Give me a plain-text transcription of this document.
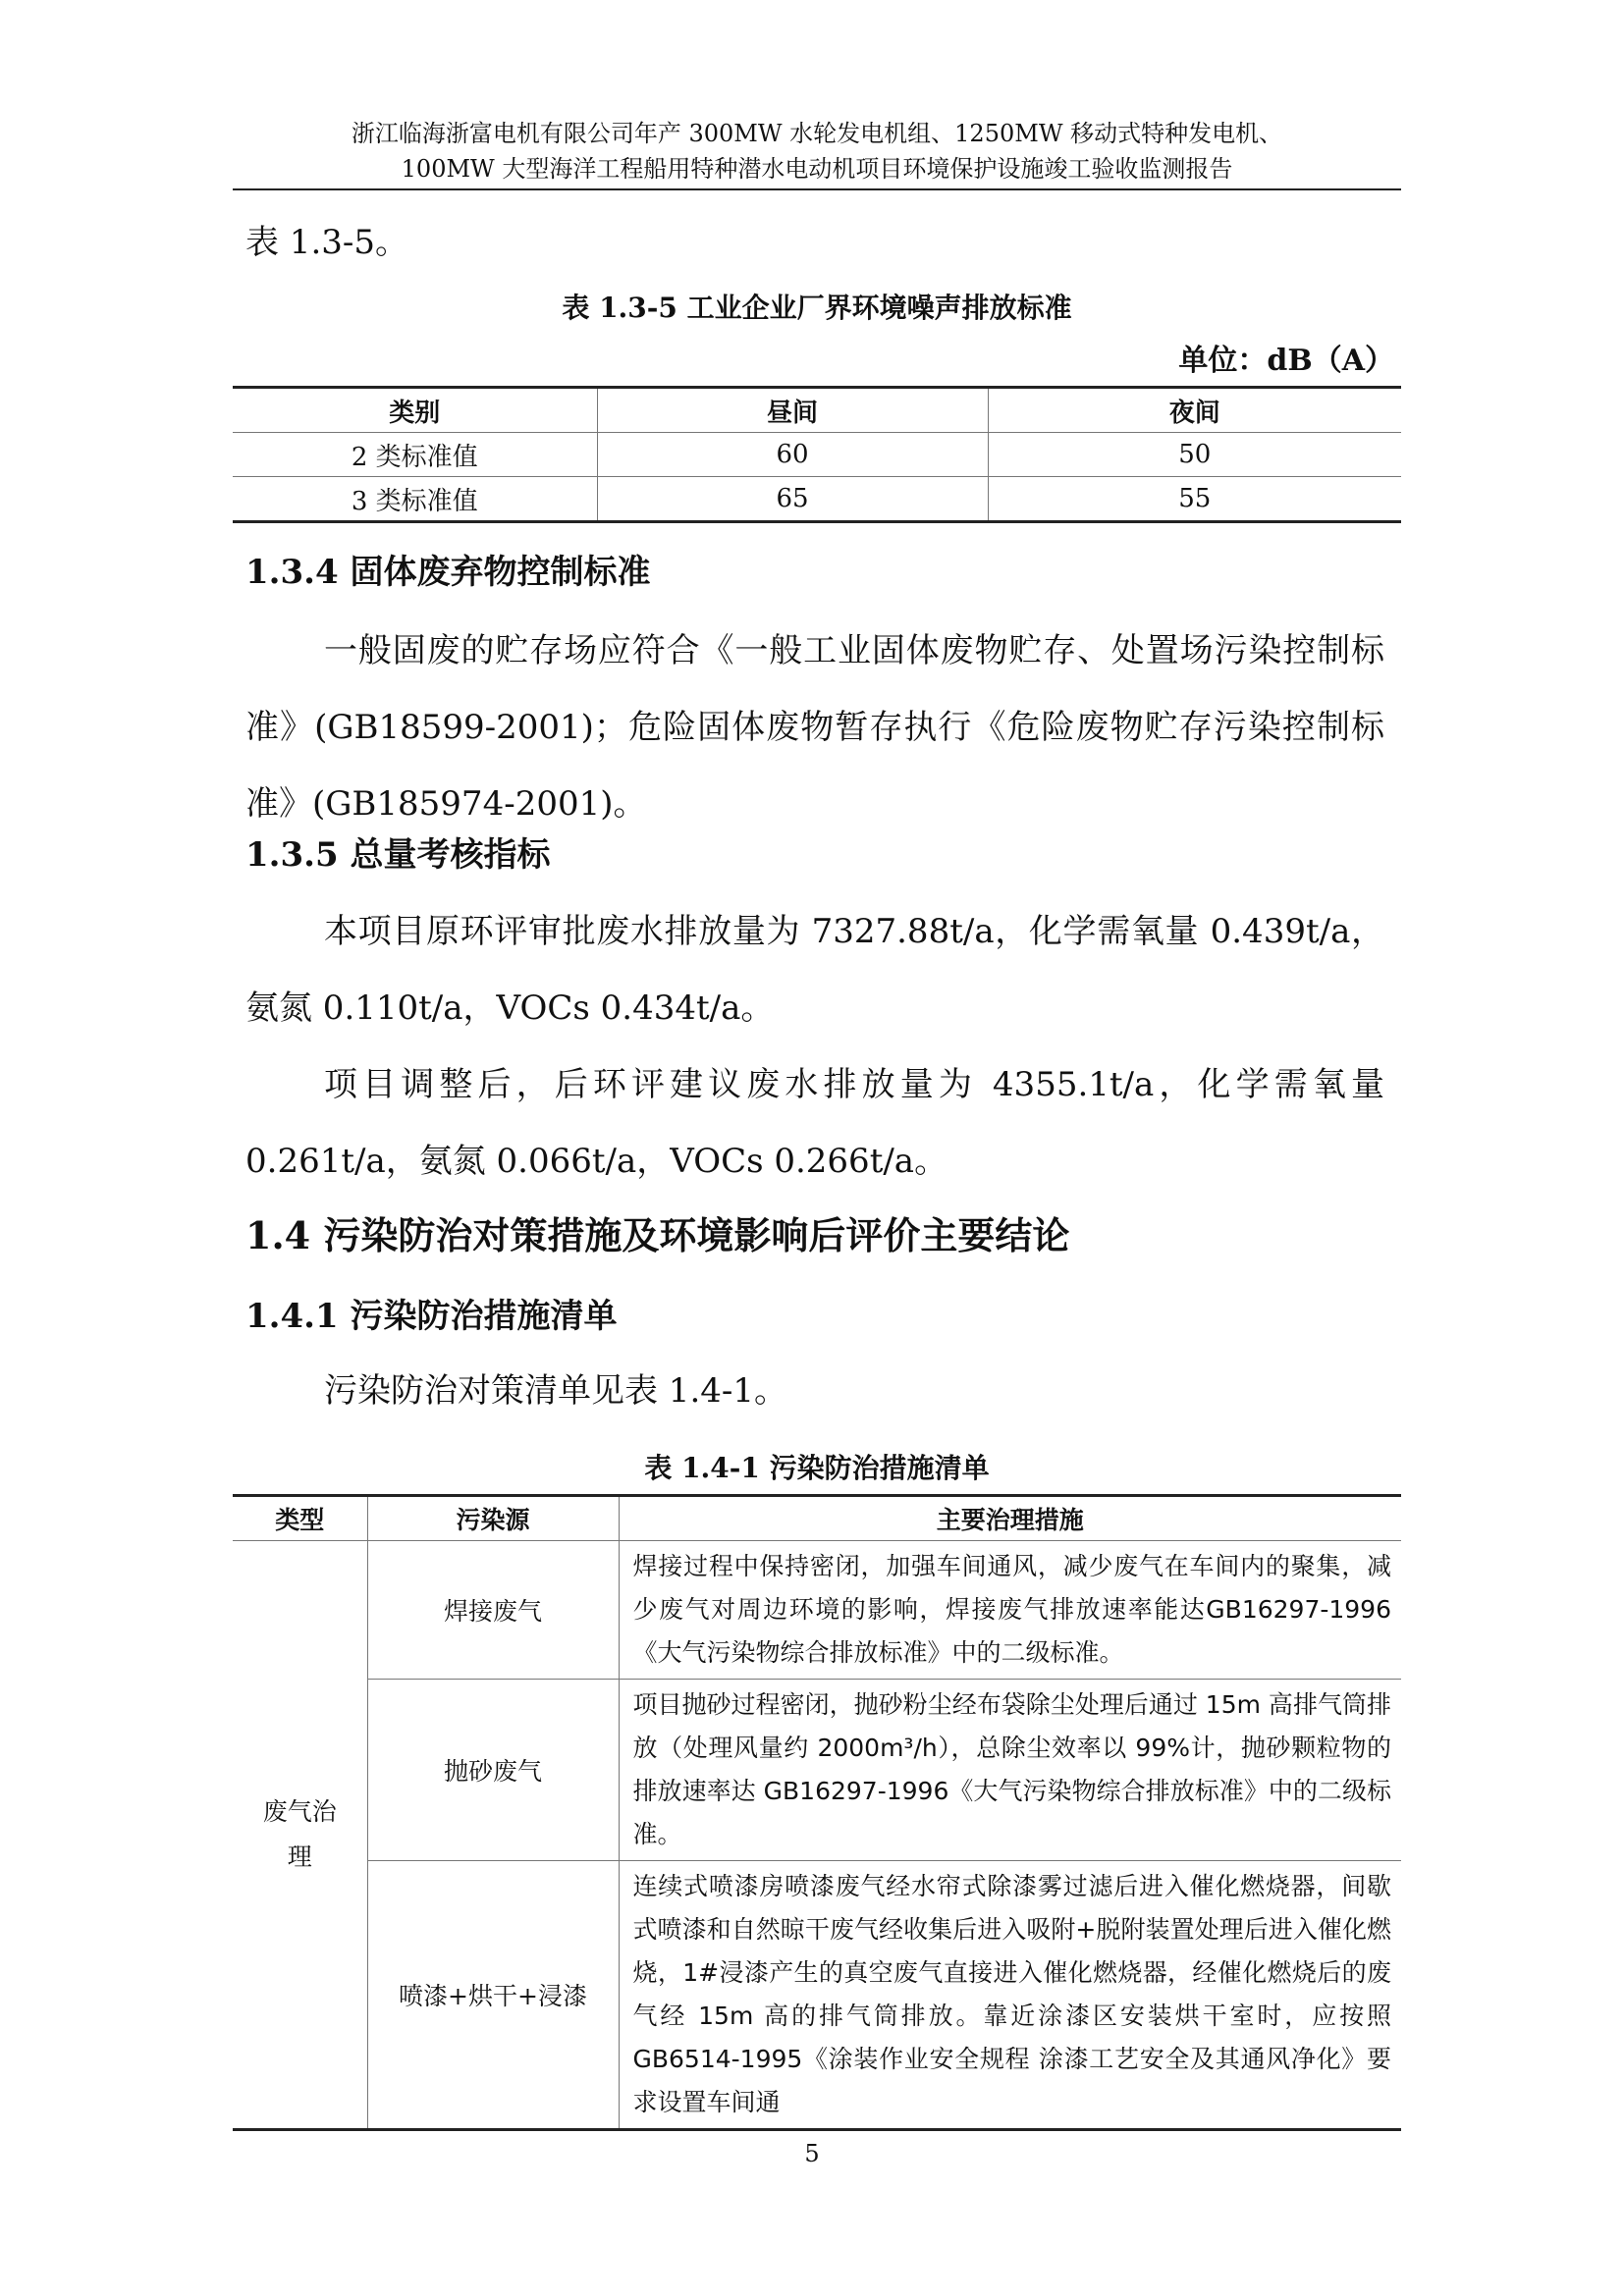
浙江临海浙富电机有限公司年产 300MW 水轮发电机组、1250MW 移动式特种发电机、
100MW 大型海洋工程船用特种潜水电动机项目环境保护设施竣工验收监测报告
表 1.3-5。
表 1.3-5 工业企业厂界环境噪声排放标准
单位：dB（A）
类别	昼间	夜间
2 类标准值	60	50
3 类标准值	65	55
1.3.4 固体废弃物控制标准
一般固废的贮存场应符合《一般工业固体废物贮存、处置场污染控制标准》(GB18599-2001)；危险固体废物暂存执行《危险废物贮存污染控制标准》(GB185974-2001)。
1.3.5 总量考核指标
本项目原环评审批废水排放量为 7327.88t/a，化学需氧量 0.439t/a，氨氮 0.110t/a，VOCs 0.434t/a。
项目调整后，后环评建议废水排放量为 4355.1t/a，化学需氧量 0.261t/a，氨氮 0.066t/a，VOCs 0.266t/a。
1.4 污染防治对策措施及环境影响后评价主要结论
1.4.1 污染防治措施清单
污染防治对策清单见表 1.4-1。
表 1.4-1 污染防治措施清单
类型	污染源	主要治理措施

废气治理	焊接废气	焊接过程中保持密闭，加强车间通风，减少废气在车间内的聚集，减少废气对周边环境的影响，焊接废气排放速率能达GB16297-1996《大气污染物综合排放标准》中的二级标准。
	抛砂废气	项目抛砂过程密闭，抛砂粉尘经布袋除尘处理后通过 15m 高排气筒排放（处理风量约 2000m³/h），总除尘效率以 99%计，抛砂颗粒物的排放速率达 GB16297-1996《大气污染物综合排放标准》中的二级标准。
	喷漆+烘干+浸漆	连续式喷漆房喷漆废气经水帘式除漆雾过滤后进入催化燃烧器，间歇式喷漆和自然晾干废气经收集后进入吸附+脱附装置处理后进入催化燃烧，1#浸漆产生的真空废气直接进入催化燃烧器，经催化燃烧后的废气经 15m 高的排气筒排放。靠近涂漆区安装烘干室时，应按照 GB6514-1995《涂装作业安全规程 涂漆工艺安全及其通风净化》要求设置车间通
5
